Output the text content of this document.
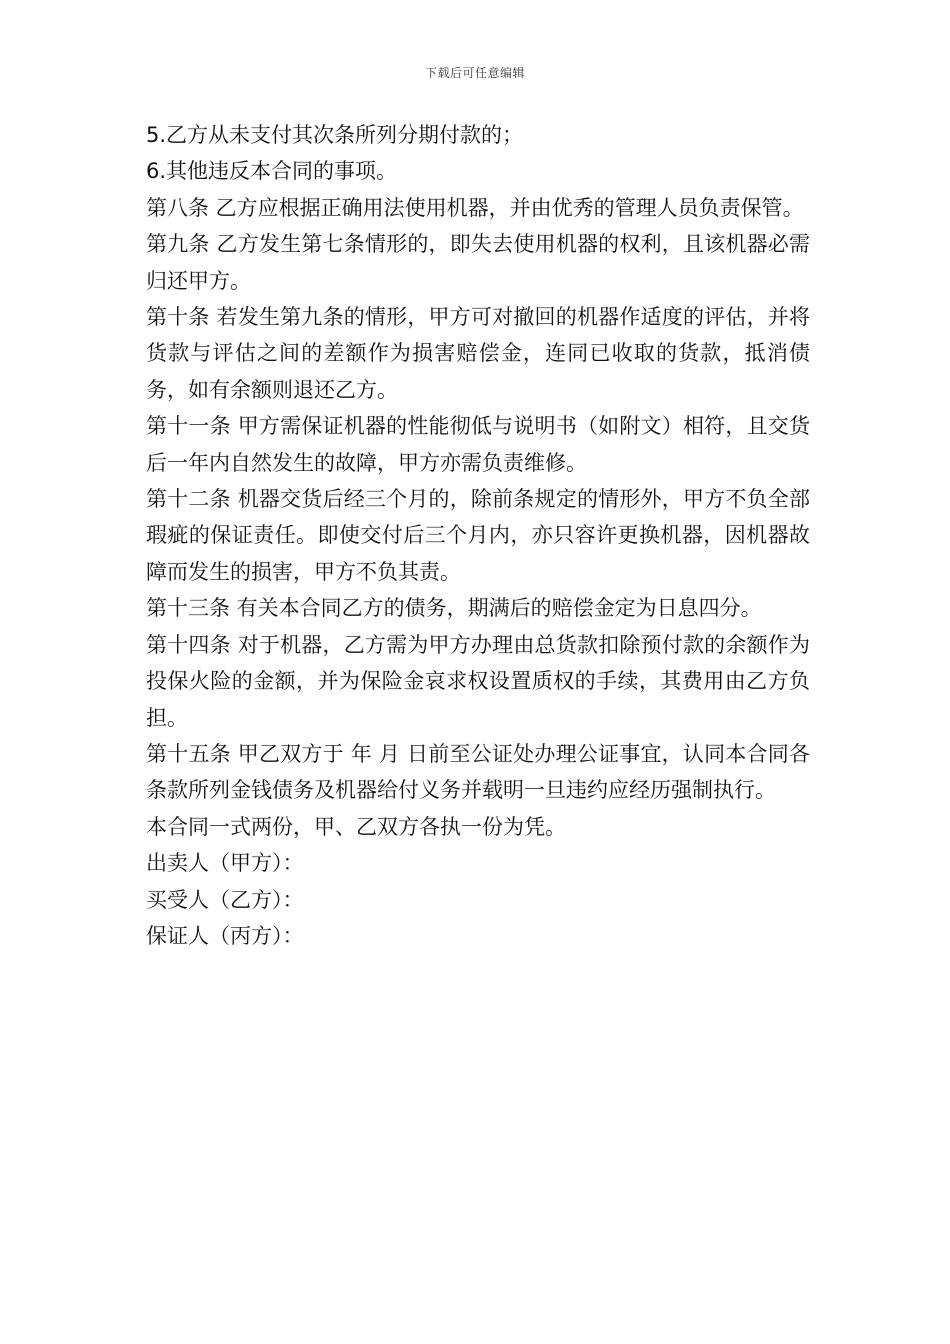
下载后可任意编辑

5.乙方从未支付其次条所列分期付款的；

6.其他违反本合同的事项。

第八条 乙方应根据正确用法使用机器，并由优秀的管理人员负责保管。

第九条 乙方发生第七条情形的，即失去使用机器的权利，且该机器必需归还甲方。

第十条 若发生第九条的情形，甲方可对撤回的机器作适度的评估，并将货款与评估之间的差额作为损害赔偿金，连同已收取的货款，抵消债务，如有余额则退还乙方。

第十一条 甲方需保证机器的性能彻低与说明书（如附文）相符，且交货后一年内自然发生的故障，甲方亦需负责维修。

第十二条 机器交货后经三个月的，除前条规定的情形外，甲方不负全部瑕疵的保证责任。即使交付后三个月内，亦只容许更换机器，因机器故障而发生的损害，甲方不负其责。

第十三条 有关本合同乙方的债务，期满后的赔偿金定为日息四分。

第十四条 对于机器，乙方需为甲方办理由总货款扣除预付款的余额作为投保火险的金额，并为保险金哀求权设置质权的手续，其费用由乙方负担。

第十五条 甲乙双方于 年 月 日前至公证处办理公证事宜，认同本合同各条款所列金钱债务及机器给付义务并载明一旦违约应经历强制执行。

本合同一式两份，甲、乙双方各执一份为凭。

出卖人（甲方）：

买受人（乙方）：

保证人（丙方）：
